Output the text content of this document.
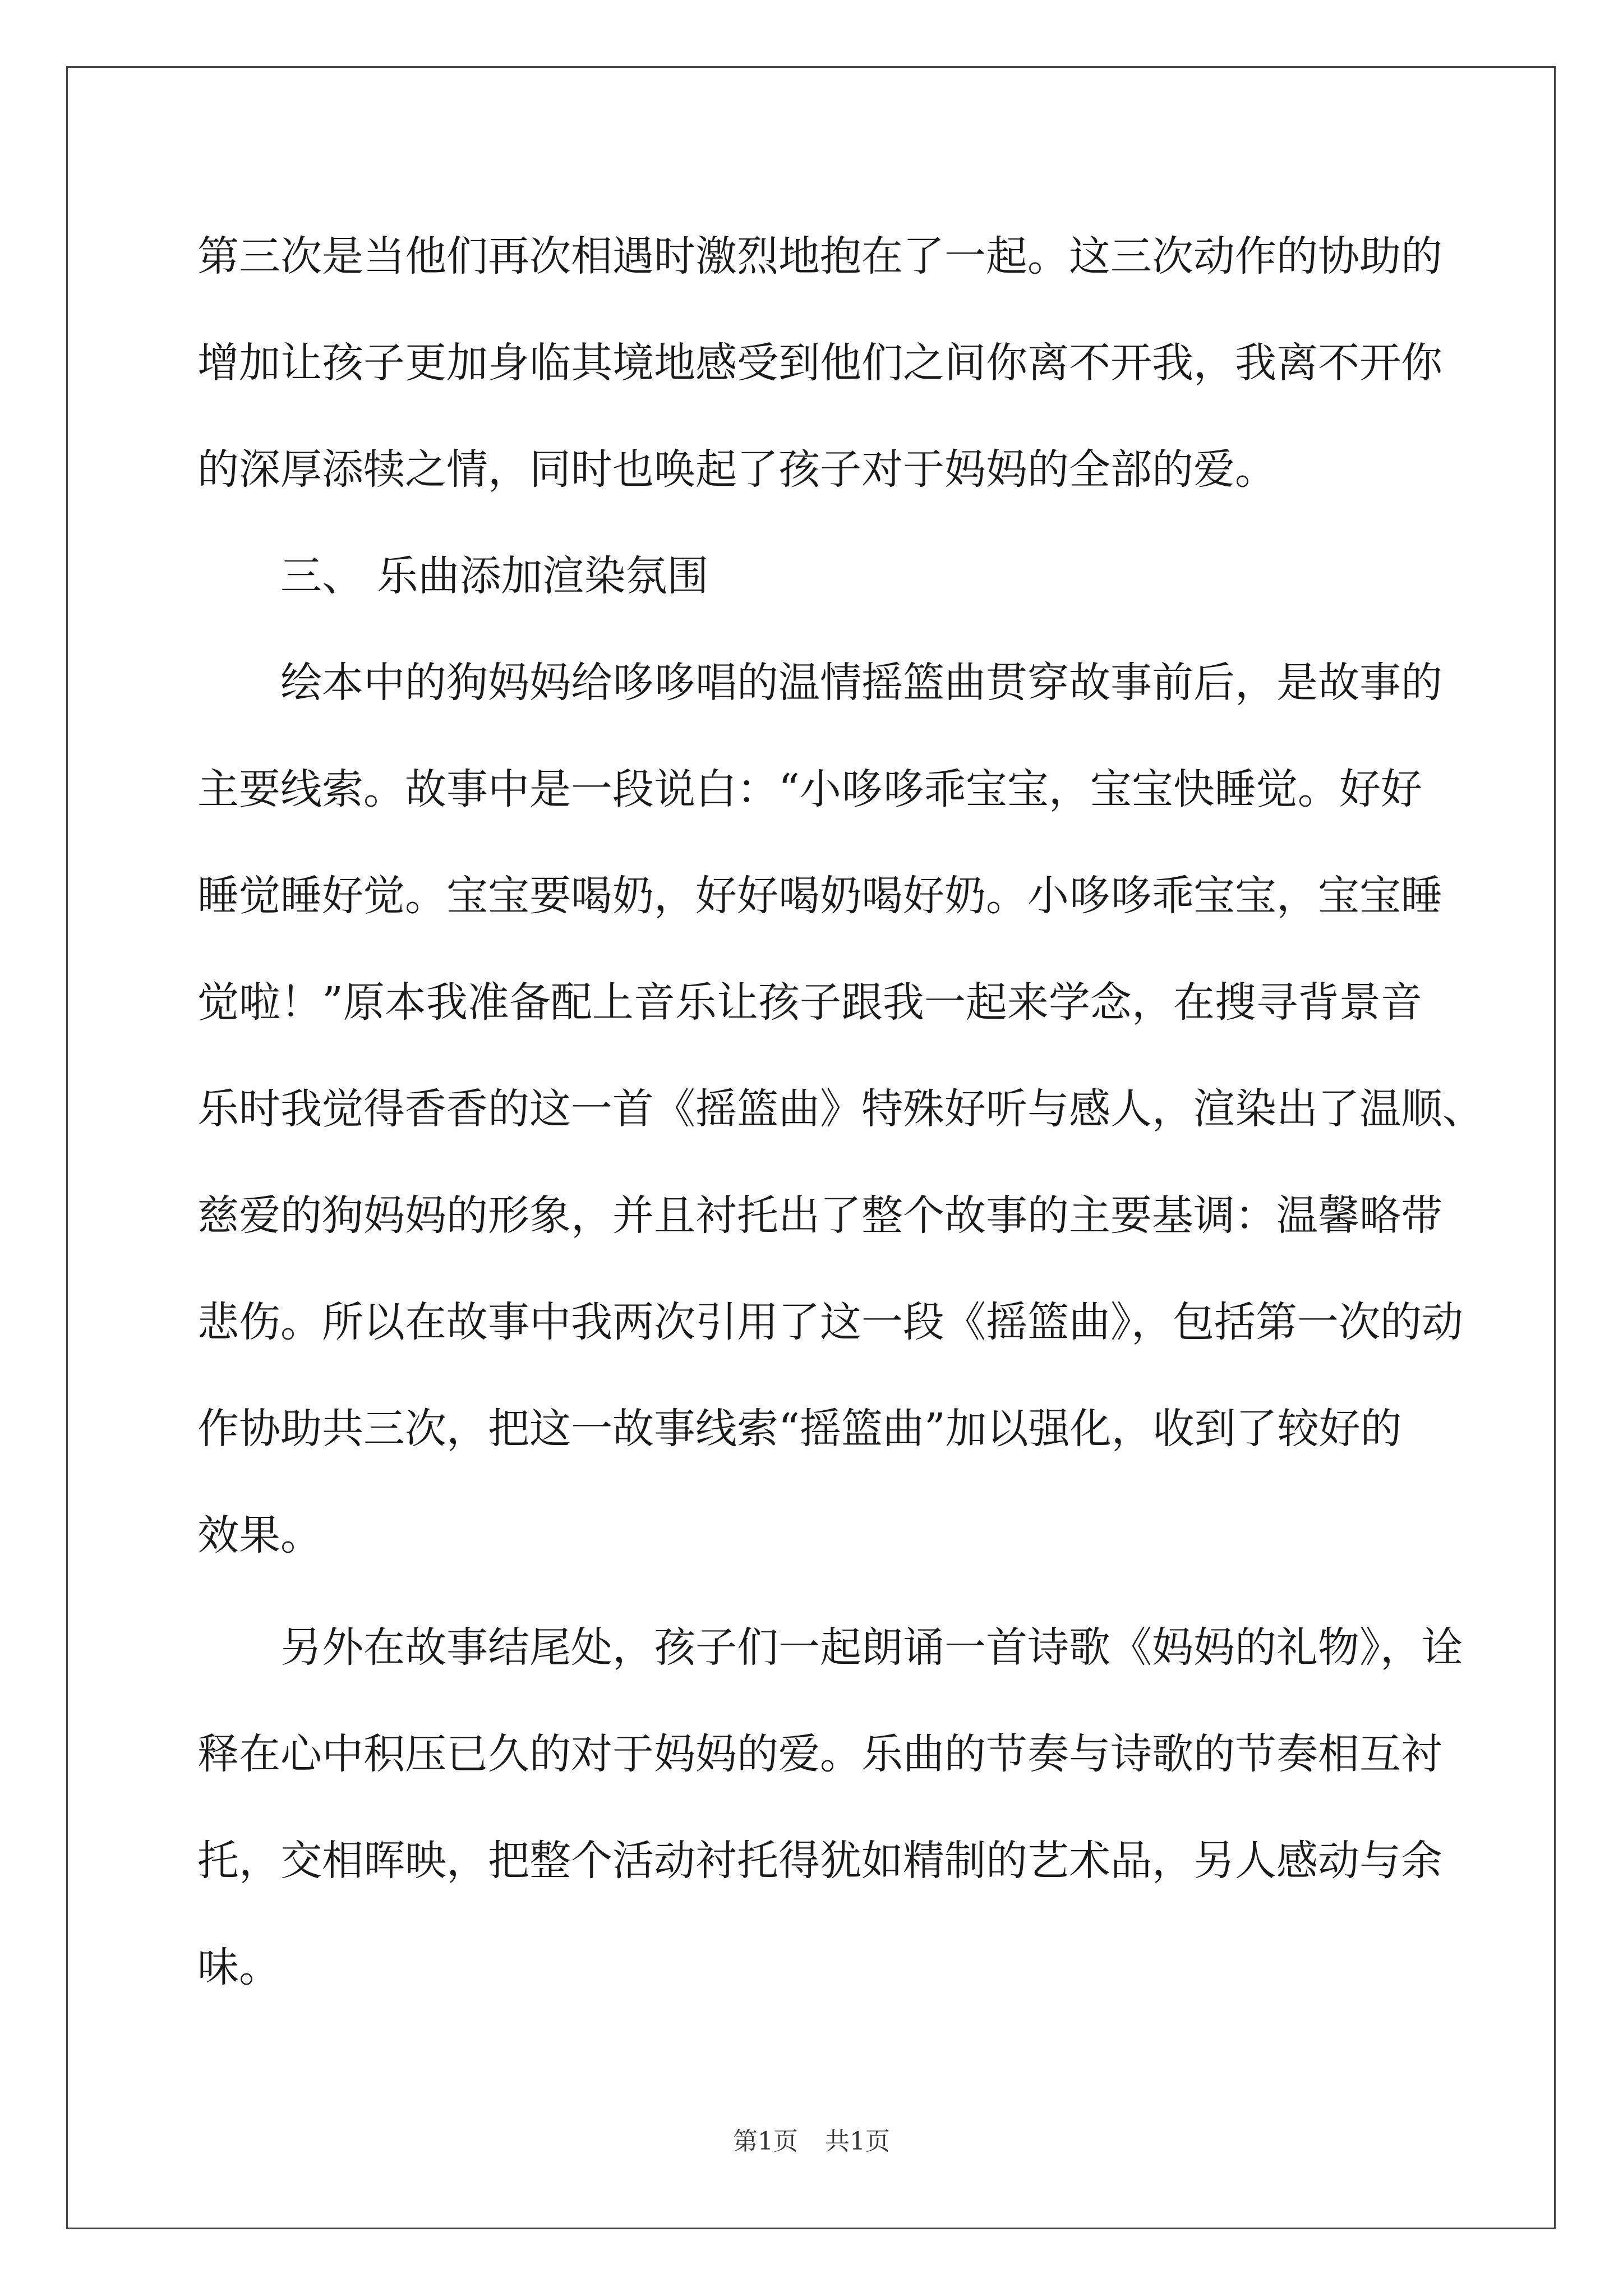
第三次是当他们再次相遇时激烈地抱在了一起。这三次动作的协助的
增加让孩子更加身临其境地感受到他们之间你离不开我，我离不开你
的深厚添犊之情，同时也唤起了孩子对于妈妈的全部的爱。
三、 乐曲添加渲染氛围
绘本中的狗妈妈给哆哆唱的温情摇篮曲贯穿故事前后，是故事的
主要线索。故事中是一段说白：“小哆哆乖宝宝，宝宝快睡觉。好好
睡觉睡好觉。宝宝要喝奶，好好喝奶喝好奶。小哆哆乖宝宝，宝宝睡
觉啦！”原本我准备配上音乐让孩子跟我一起来学念，在搜寻背景音
乐时我觉得香香的这一首《摇篮曲》特殊好听与感人，渲染出了温顺、
慈爱的狗妈妈的形象，并且衬托出了整个故事的主要基调：温馨略带
悲伤。所以在故事中我两次引用了这一段《摇篮曲》，包括第一次的动
作协助共三次，把这一故事线索“摇篮曲”加以强化，收到了较好的
效果。
另外在故事结尾处，孩子们一起朗诵一首诗歌《妈妈的礼物》，诠
释在心中积压已久的对于妈妈的爱。乐曲的节奏与诗歌的节奏相互衬
托，交相晖映，把整个活动衬托得犹如精制的艺术品，另人感动与余
味。
第1页 共1页
